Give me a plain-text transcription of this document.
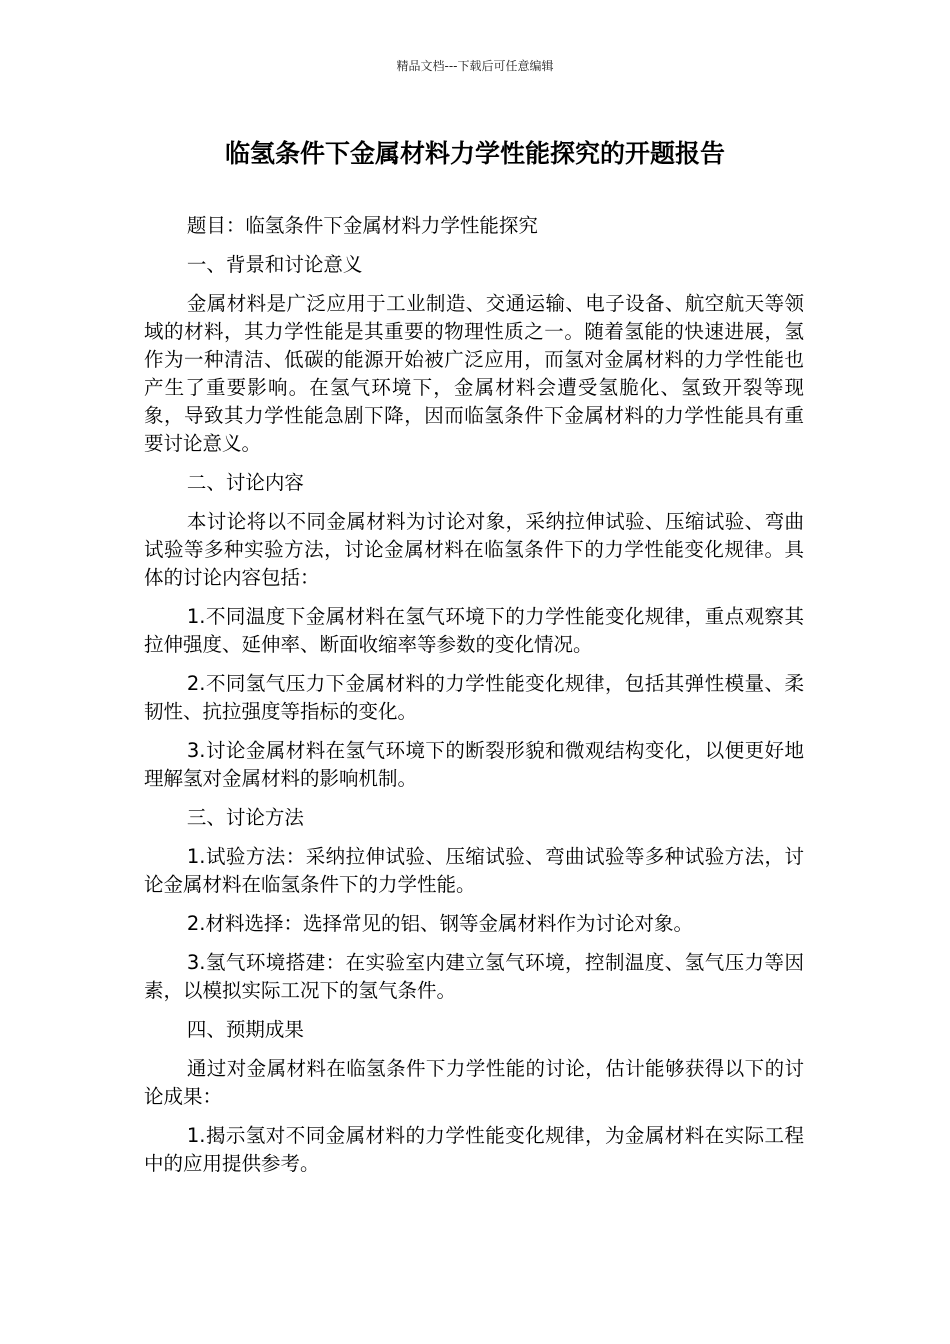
精品文档---下载后可任意编辑
临氢条件下金属材料力学性能探究的开题报告

题目：临氢条件下金属材料力学性能探究

一、背景和讨论意义

金属材料是广泛应用于工业制造、交通运输、电子设备、航空航天等领域的材料，其力学性能是其重要的物理性质之一。随着氢能的快速进展，氢作为一种清洁、低碳的能源开始被广泛应用，而氢对金属材料的力学性能也产生了重要影响。在氢气环境下，金属材料会遭受氢脆化、氢致开裂等现象，导致其力学性能急剧下降，因而临氢条件下金属材料的力学性能具有重要讨论意义。

二、讨论内容

本讨论将以不同金属材料为讨论对象，采纳拉伸试验、压缩试验、弯曲试验等多种实验方法，讨论金属材料在临氢条件下的力学性能变化规律。具体的讨论内容包括：

1.不同温度下金属材料在氢气环境下的力学性能变化规律，重点观察其拉伸强度、延伸率、断面收缩率等参数的变化情况。

2.不同氢气压力下金属材料的力学性能变化规律，包括其弹性模量、柔韧性、抗拉强度等指标的变化。

3.讨论金属材料在氢气环境下的断裂形貌和微观结构变化，以便更好地理解氢对金属材料的影响机制。

三、讨论方法

1.试验方法：采纳拉伸试验、压缩试验、弯曲试验等多种试验方法，讨论金属材料在临氢条件下的力学性能。

2.材料选择：选择常见的铝、钢等金属材料作为讨论对象。

3.氢气环境搭建：在实验室内建立氢气环境，控制温度、氢气压力等因素，以模拟实际工况下的氢气条件。

四、预期成果

通过对金属材料在临氢条件下力学性能的讨论，估计能够获得以下的讨论成果：

1.揭示氢对不同金属材料的力学性能变化规律，为金属材料在实际工程中的应用提供参考。
